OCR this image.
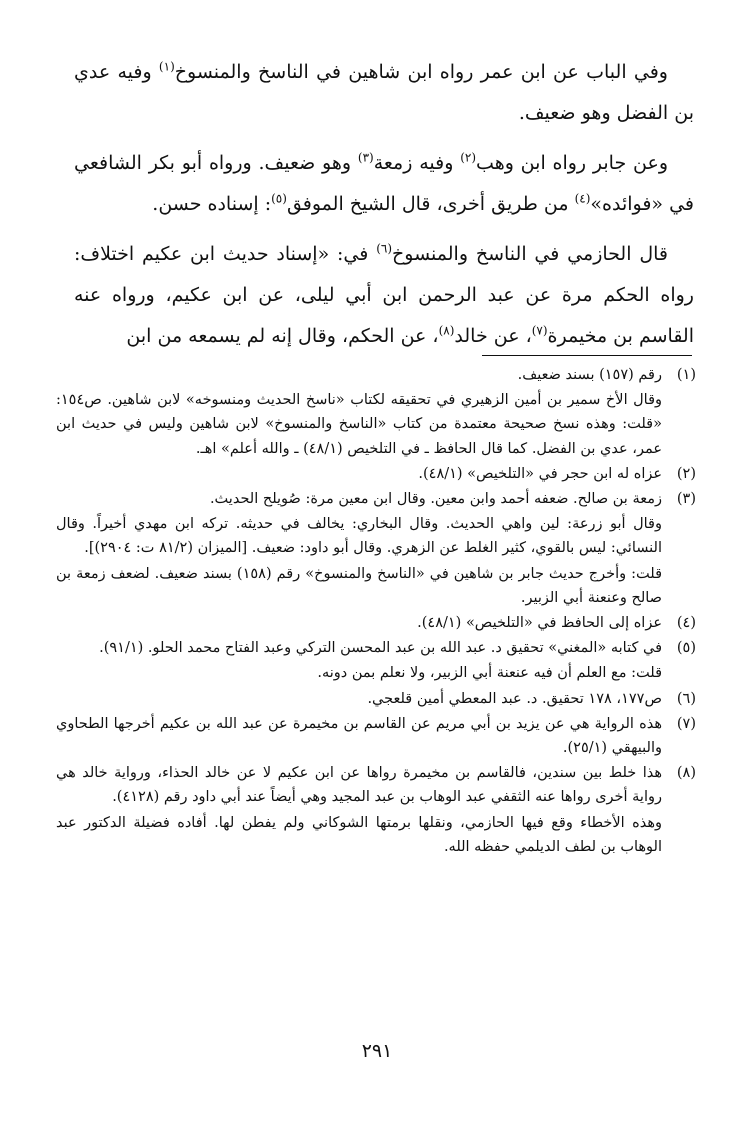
وفي الباب عن ابن عمر رواه ابن شاهين في الناسخ والمنسوخ$^{(١)}$ وفيه عدي بن الفضل وهو ضعيف.

وعن جابر رواه ابن وهب$^{(٢)}$ وفيه زمعة$^{(٣)}$ وهو ضعيف. ورواه أبو بكر الشافعي في «فوائده»$^{(٤)}$ من طريق أخرى، قال الشيخ الموفق$^{(٥)}$: إسناده حسن.

قال الحازمي في الناسخ والمنسوخ$^{(٦)}$ في: «إسناد حديث ابن عكيم اختلاف: رواه الحكم مرة عن عبد الرحمن ابن أبي ليلى، عن ابن عكيم، ورواه عنه القاسم بن مخيمرة$^{(٧)}$، عن خالد$^{(٨)}$، عن الحكم، وقال إنه لم يسمعه من ابن

(١)
رقم (١٥٧) بسند ضعيف.
وقال الأخ سمير بن أمين الزهيري في تحقيقه لكتاب «ناسخ الحديث ومنسوخه» لابن شاهين. ص١٥٤: «قلت: وهذه نسخ صحيحة معتمدة من كتاب «الناسخ والمنسوخ» لابن شاهين وليس في حديث ابن عمر، عدي بن الفضل. كما قال الحافظ ـ في التلخيص (٤٨/١) ـ والله أعلم» اهـ.
(٢)
عزاه له ابن حجر في «التلخيص» (٤٨/١).
(٣)
زمعة بن صالح. ضعفه أحمد وابن معين. وقال ابن معين مرة: صُويلح الحديث.
وقال أبو زرعة: لين واهي الحديث. وقال البخاري: يخالف في حديثه. تركه ابن مهدي أخيراً. وقال النسائي: ليس بالقوي، كثير الغلط عن الزهري. وقال أبو داود: ضعيف. [الميزان (٨١/٢ ت: ٢٩٠٤)].
قلت: وأخرج حديث جابر بن شاهين في «الناسخ والمنسوخ» رقم (١٥٨) بسند ضعيف. لضعف زمعة بن صالح وعنعنة أبي الزبير.
(٤)
عزاه إلى الحافظ في «التلخيص» (٤٨/١).
(٥)
في كتابه «المغني» تحقيق د. عبد الله بن عبد المحسن التركي وعبد الفتاح محمد الحلو. (٩١/١).
قلت: مع العلم أن فيه عنعنة أبي الزبير، ولا نعلم بمن دونه.
(٦)
ص١٧٧، ١٧٨ تحقيق. د. عبد المعطي أمين قلعجي.
(٧)
هذه الرواية هي عن يزيد بن أبي مريم عن القاسم بن مخيمرة عن عبد الله بن عكيم أخرجها الطحاوي والبيهقي (٢٥/١).
(٨)
هذا خلط بين سندين، فالقاسم بن مخيمرة رواها عن ابن عكيم لا عن خالد الحذاء، ورواية خالد هي رواية أخرى رواها عنه الثقفي عبد الوهاب بن عبد المجيد وهي أيضاً عند أبي داود رقم (٤١٢٨).
وهذه الأخطاء وقع فيها الحازمي، ونقلها برمتها الشوكاني ولم يفطن لها. أفاده فضيلة الدكتور عبد الوهاب بن لطف الديلمي حفظه الله.
٢٩١
